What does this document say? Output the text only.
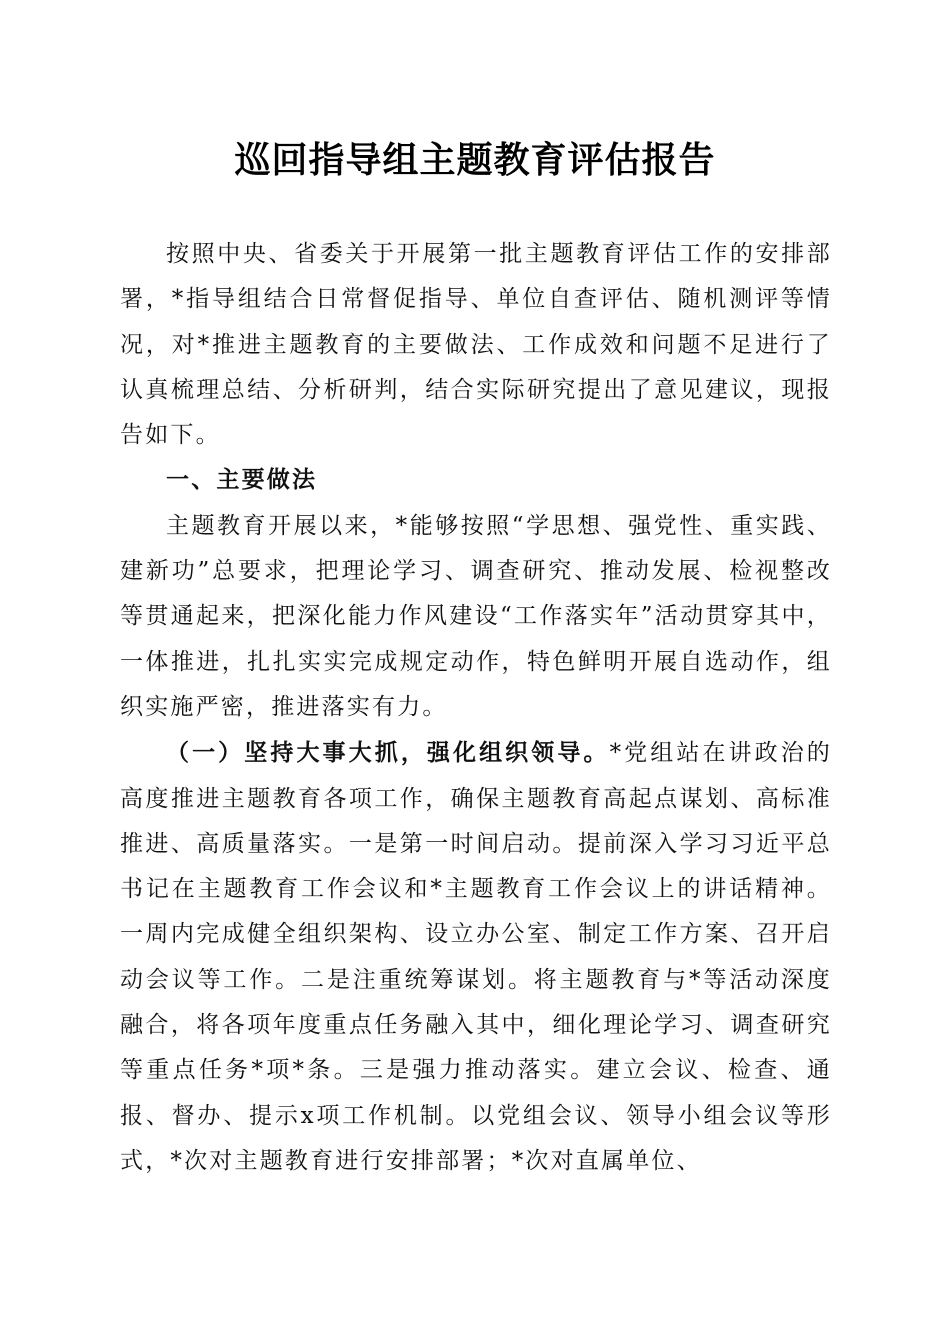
巡回指导组主题教育评估报告

按照中央、省委关于开展第一批主题教育评估工作的安排部署，*指导组结合日常督促指导、单位自查评估、随机测评等情况，对*推进主题教育的主要做法、工作成效和问题不足进行了认真梳理总结、分析研判，结合实际研究提出了意见建议，现报告如下。

一、主要做法

主题教育开展以来，*能够按照“学思想、强党性、重实践、建新功”总要求，把理论学习、调查研究、推动发展、检视整改等贯通起来，把深化能力作风建设“工作落实年”活动贯穿其中，一体推进，扎扎实实完成规定动作，特色鲜明开展自选动作，组织实施严密，推进落实有力。

（一）坚持大事大抓，强化组织领导。*党组站在讲政治的高度推进主题教育各项工作，确保主题教育高起点谋划、高标准推进、高质量落实。一是第一时间启动。提前深入学习习近平总书记在主题教育工作会议和*主题教育工作会议上的讲话精神。一周内完成健全组织架构、设立办公室、制定工作方案、召开启动会议等工作。二是注重统筹谋划。将主题教育与*等活动深度融合，将各项年度重点任务融入其中，细化理论学习、调查研究等重点任务*项*条。三是强力推动落实。建立会议、检查、通报、督办、提示x项工作机制。以党组会议、领导小组会议等形式，*次对主题教育进行安排部署；*次对直属单位、
